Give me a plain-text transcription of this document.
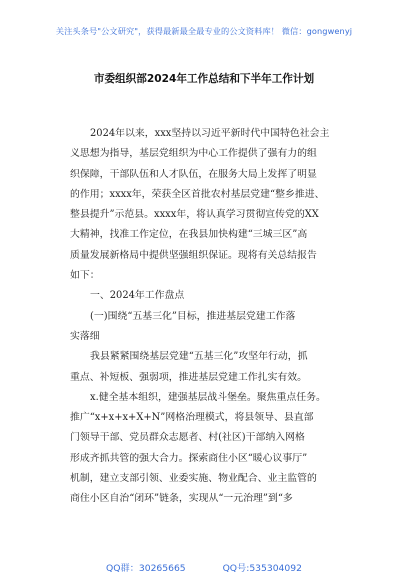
关注头条号"公文研究"，获得最新最全最专业的公文资料库！ 微信：gongwenyj
市委组织部2024年工作总结和下半年工作计划
2024年以来，xxx坚持以习近平新时代中国特色社会主
义思想为指导，基层党组织为中心工作提供了强有力的组
织保障，干部队伍和人才队伍，在服务大局上发挥了明显
的作用；xxxx年，荣获全区首批农村基层党建“整乡推进、
整县提升”示范县。xxxx年，将认真学习贯彻宣传党的XX
大精神，找准工作定位，在我县加快构建“三城三区”高
质量发展新格局中提供坚强组织保证。现将有关总结报告
如下：
一、2024年工作盘点
(一)围绕“五基三化”目标，推进基层党建工作落
实落细
我县紧紧围绕基层党建“五基三化”攻坚年行动，抓
重点、补短板、强弱项，推进基层党建工作扎实有效。
x.健全基本组织，建强基层战斗堡垒。聚焦重点任务。
推广“x+x+x+X+N”网格治理模式，将县领导、县直部
门领导干部、党员群众志愿者、村(社区)干部纳入网格
形成齐抓共管的强大合力。探索商住小区“暖心议事厅”
机制，建立支部引领、业委实施、物业配合、业主监管的
商住小区自治“闭环”链条，实现从“一元治理”到“多
QQ群：30265665	QQ号:535304092
